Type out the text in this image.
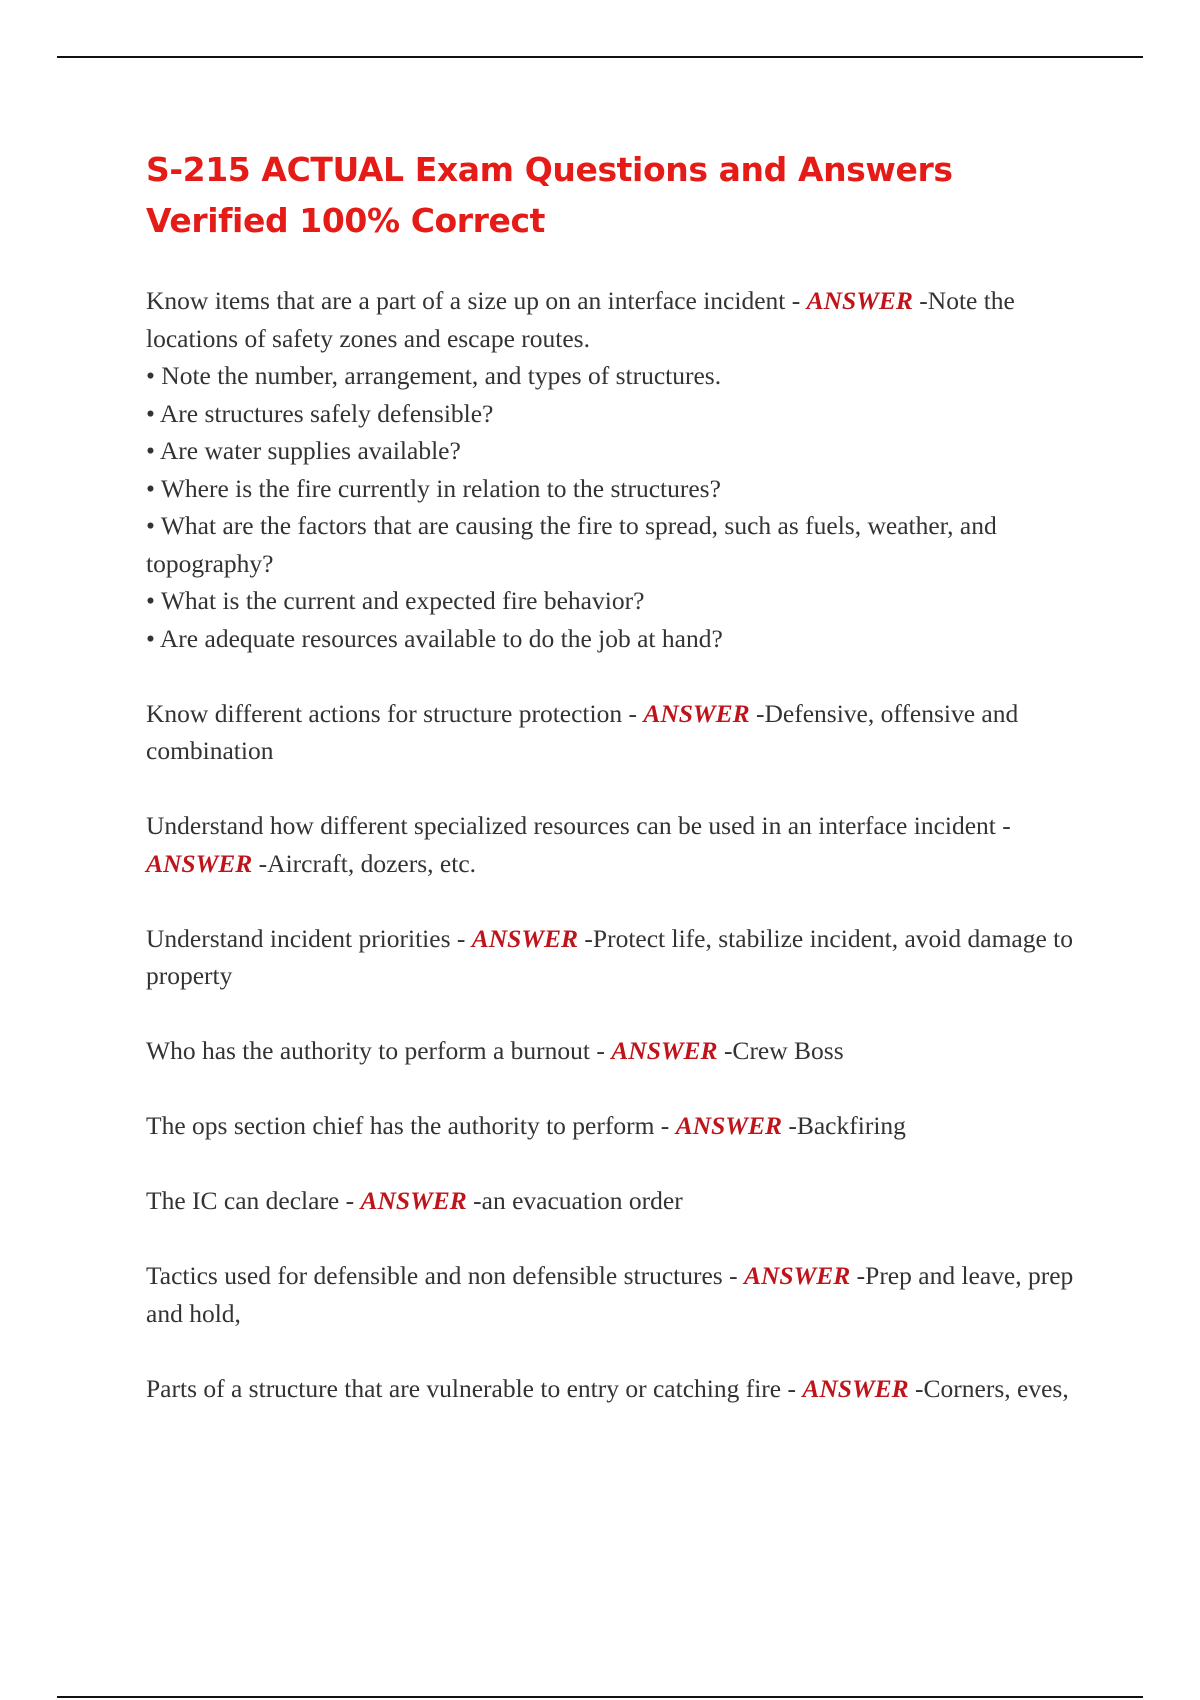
S-215 ACTUAL Exam Questions and Answers Verified 100% Correct

Know items that are a part of a size up on an interface incident - ANSWER -Note the locations of safety zones and escape routes.

• Note the number, arrangement, and types of structures.

• Are structures safely defensible?

• Are water supplies available?

• Where is the fire currently in relation to the structures?

• What are the factors that are causing the fire to spread, such as fuels, weather, and topography?

• What is the current and expected fire behavior?

• Are adequate resources available to do the job at hand?

Know different actions for structure protection - ANSWER -Defensive, offensive and combination
Understand how different specialized resources can be used in an interface incident - ANSWER -Aircraft, dozers, etc.
Understand incident priorities - ANSWER -Protect life, stabilize incident, avoid damage to property
Who has the authority to perform a burnout - ANSWER -Crew Boss
The ops section chief has the authority to perform - ANSWER -Backfiring
The IC can declare - ANSWER -an evacuation order
Tactics used for defensible and non defensible structures - ANSWER -Prep and leave, prep and hold,
Parts of a structure that are vulnerable to entry or catching fire - ANSWER -Corners, eves,
